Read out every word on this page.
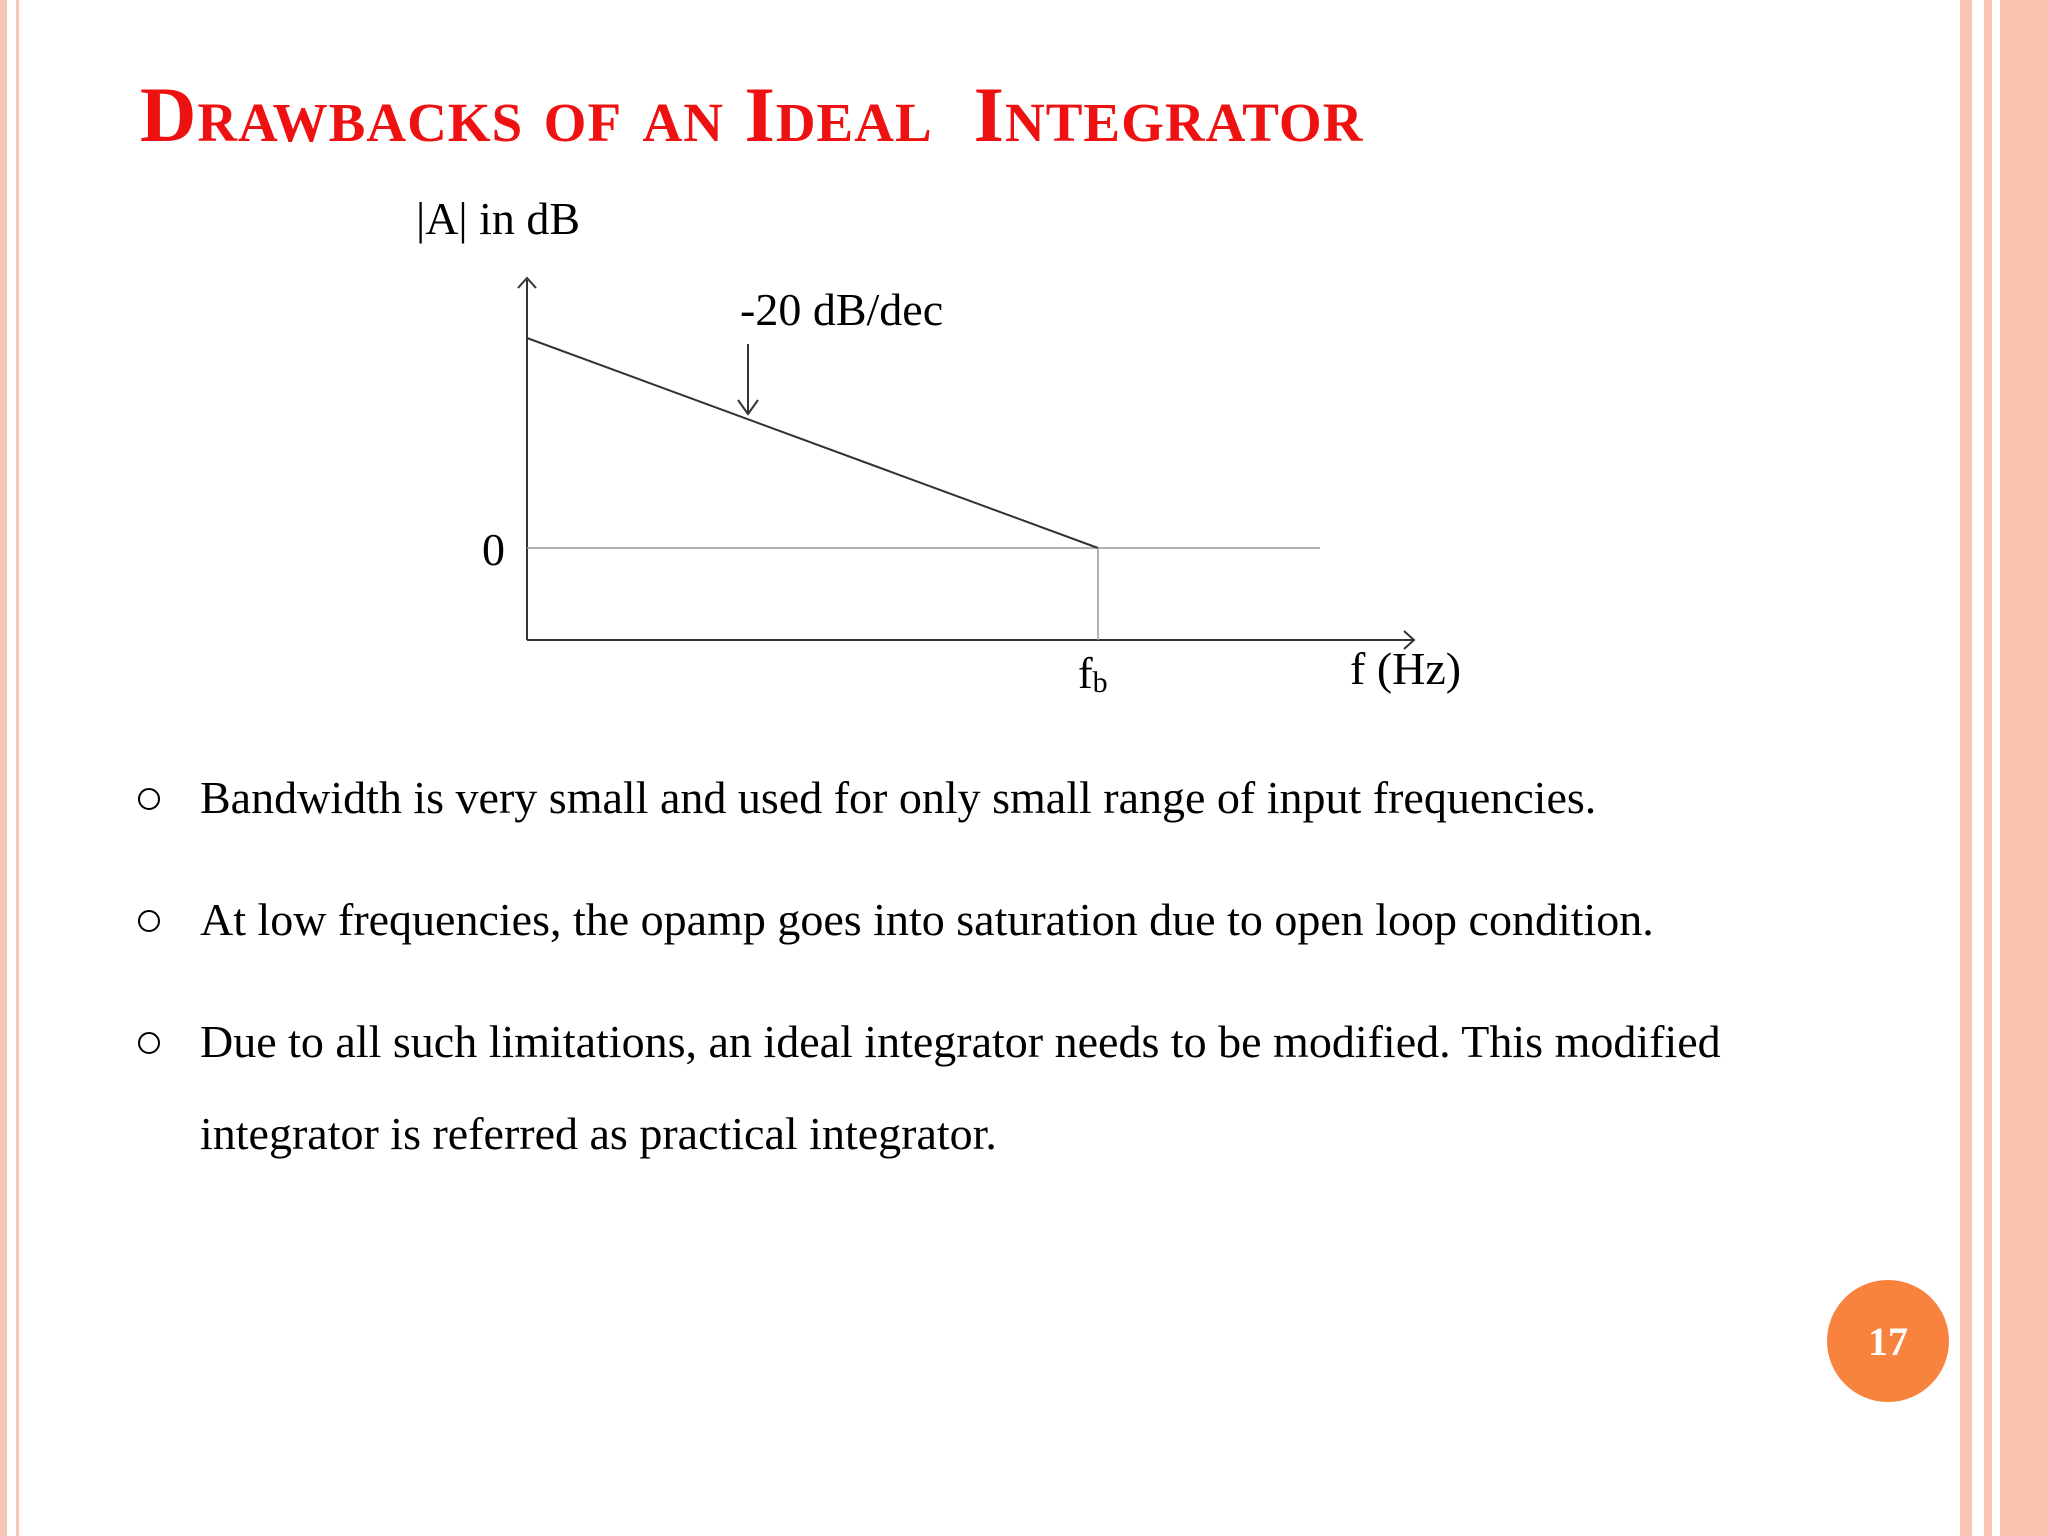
Drawbacks of an Ideal  Integrator
|A| in dB
-20 dB/dec
0
fb	f (Hz)
Bandwidth is very small and used for only small range of input frequencies.
At low frequencies, the opamp goes into saturation due to open loop condition.
Due to all such limitations, an ideal integrator needs to be modified. This modified integrator is referred as practical integrator.
17
